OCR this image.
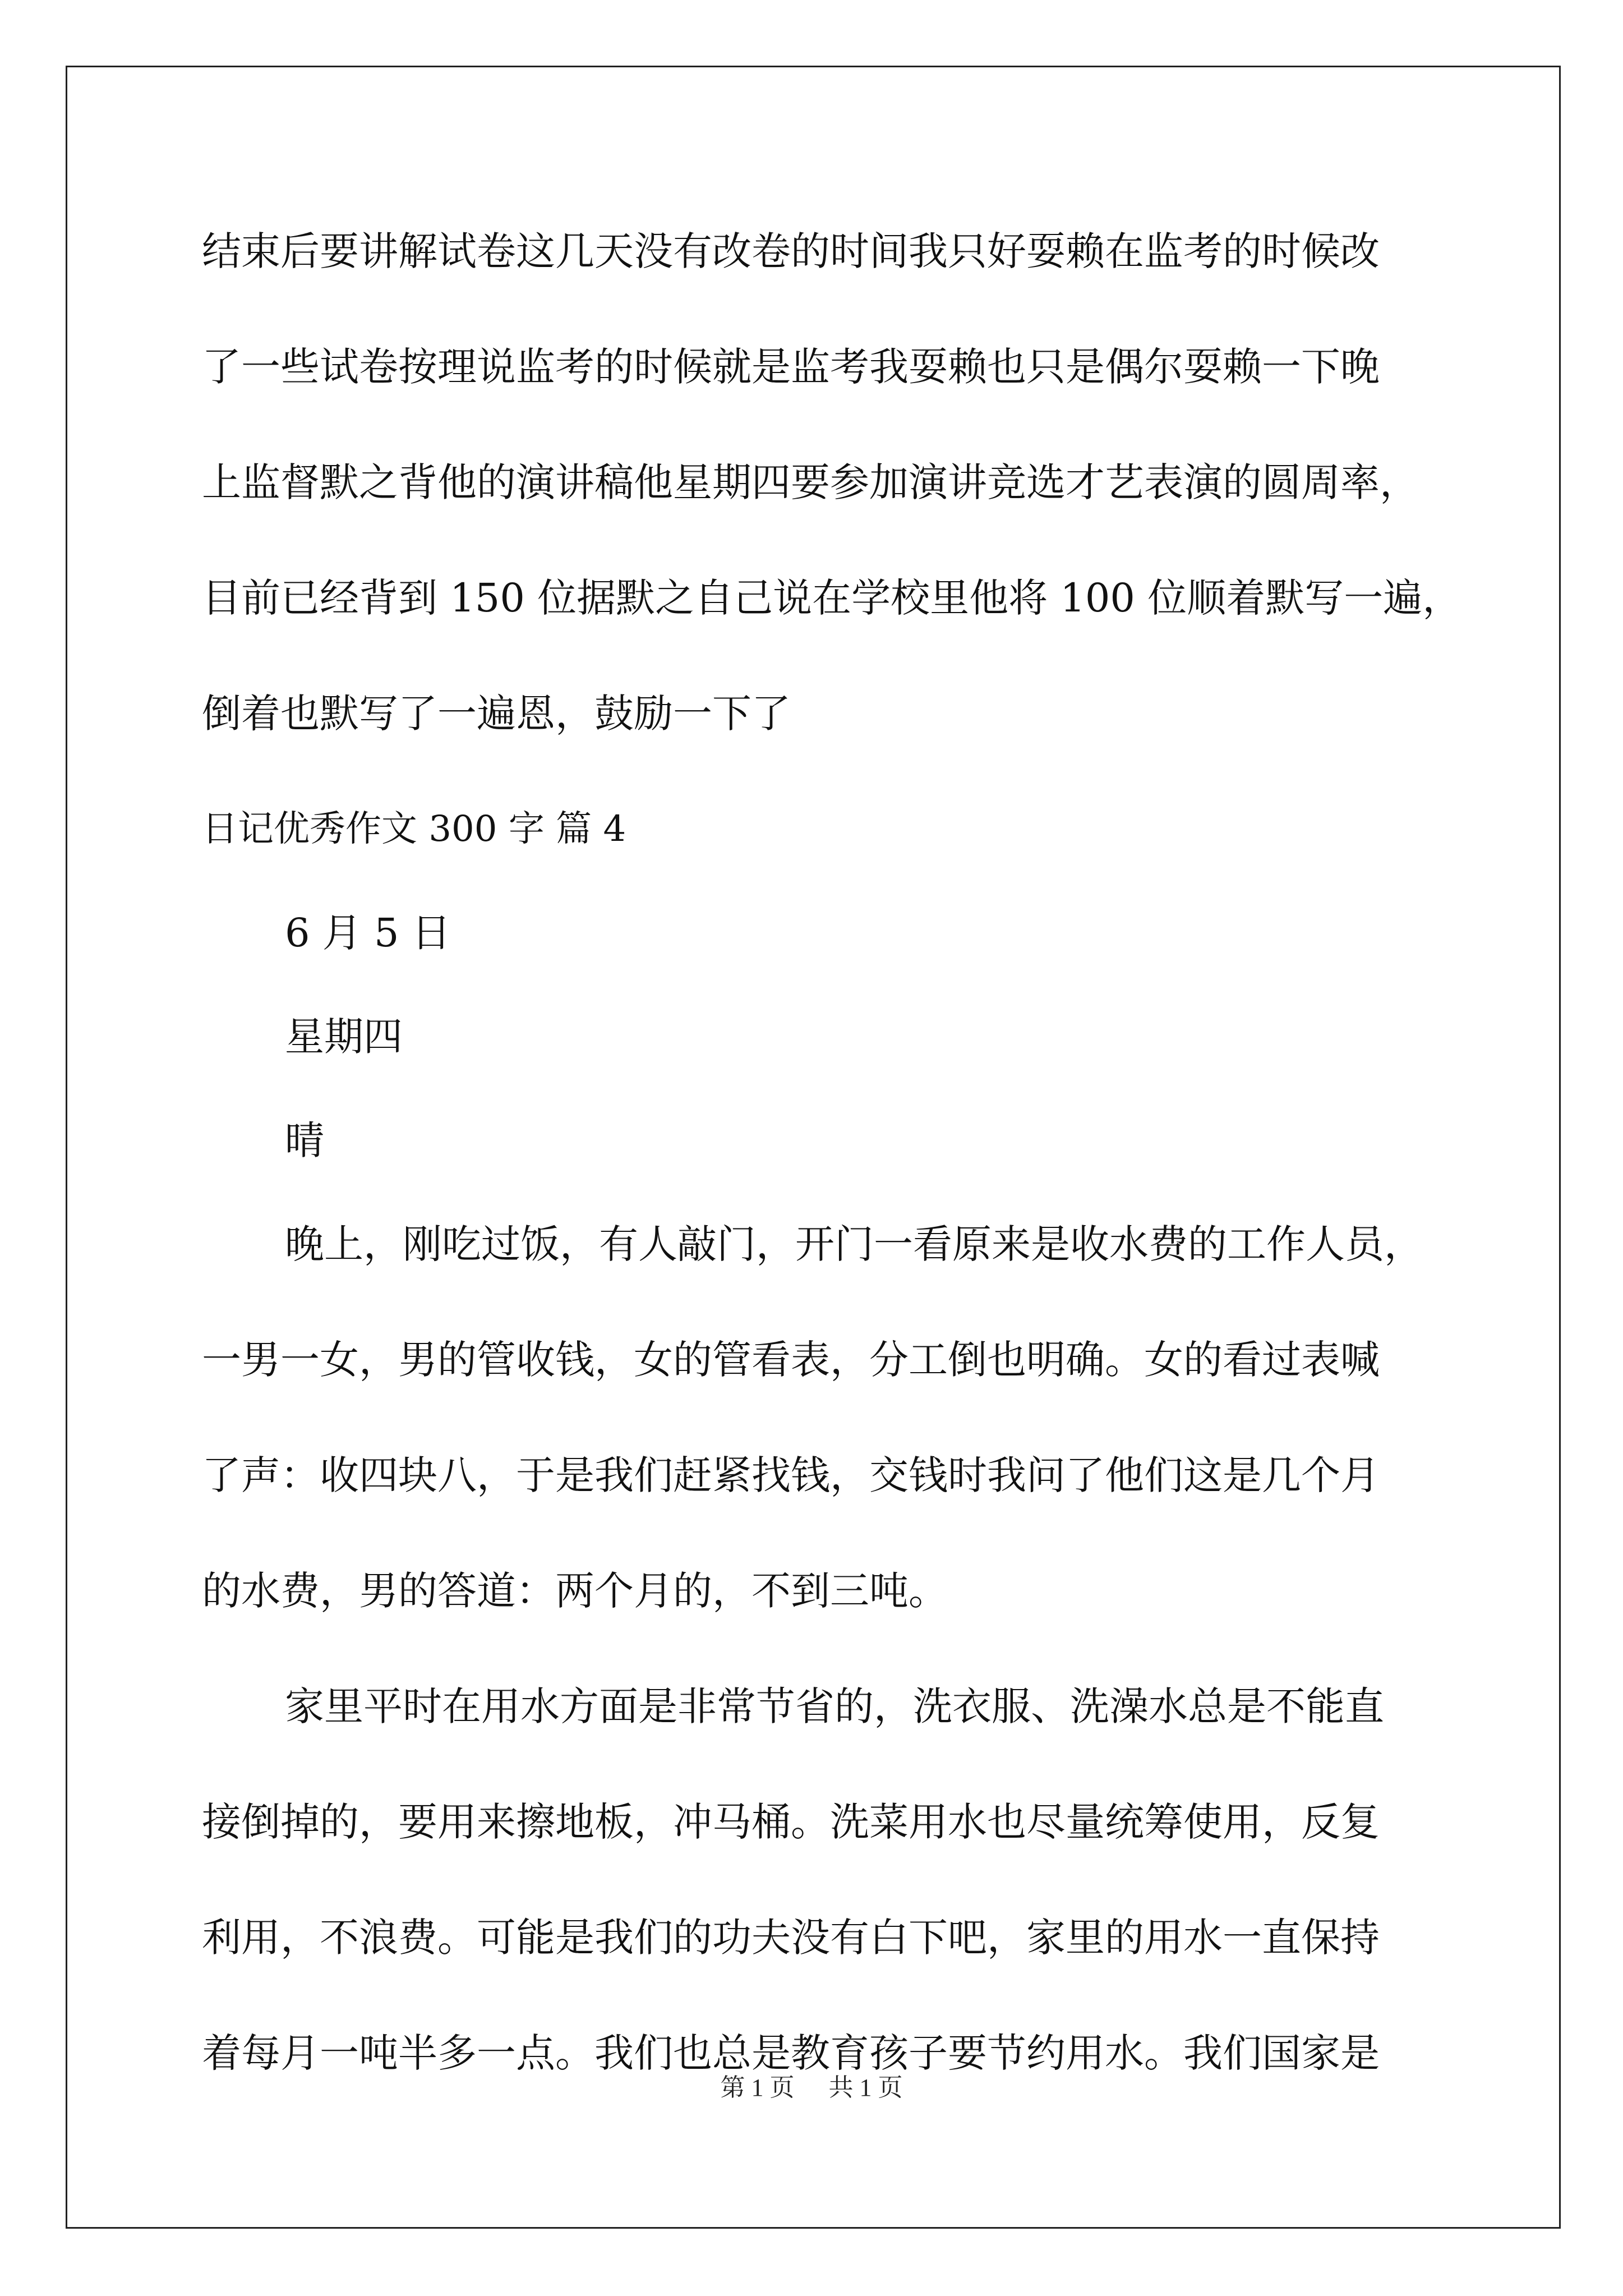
结束后要讲解试卷这几天没有改卷的时间我只好耍赖在监考的时候改
了一些试卷按理说监考的时候就是监考我耍赖也只是偶尔耍赖一下晚
上监督默之背他的演讲稿他星期四要参加演讲竞选才艺表演的圆周率，
目前已经背到 150 位据默之自己说在学校里他将 100 位顺着默写一遍，
倒着也默写了一遍恩，鼓励一下了
日记优秀作文 300 字 篇 4
6 月 5 日
星期四
晴
晚上，刚吃过饭，有人敲门，开门一看原来是收水费的工作人员，
一男一女，男的管收钱，女的管看表，分工倒也明确。女的看过表喊
了声：收四块八，于是我们赶紧找钱，交钱时我问了他们这是几个月
的水费，男的答道：两个月的，不到三吨。
家里平时在用水方面是非常节省的，洗衣服、洗澡水总是不能直
接倒掉的，要用来擦地板，冲马桶。洗菜用水也尽量统筹使用，反复
利用，不浪费。可能是我们的功夫没有白下吧，家里的用水一直保持
着每月一吨半多一点。我们也总是教育孩子要节约用水。我们国家是
第 1 页 共 1 页
